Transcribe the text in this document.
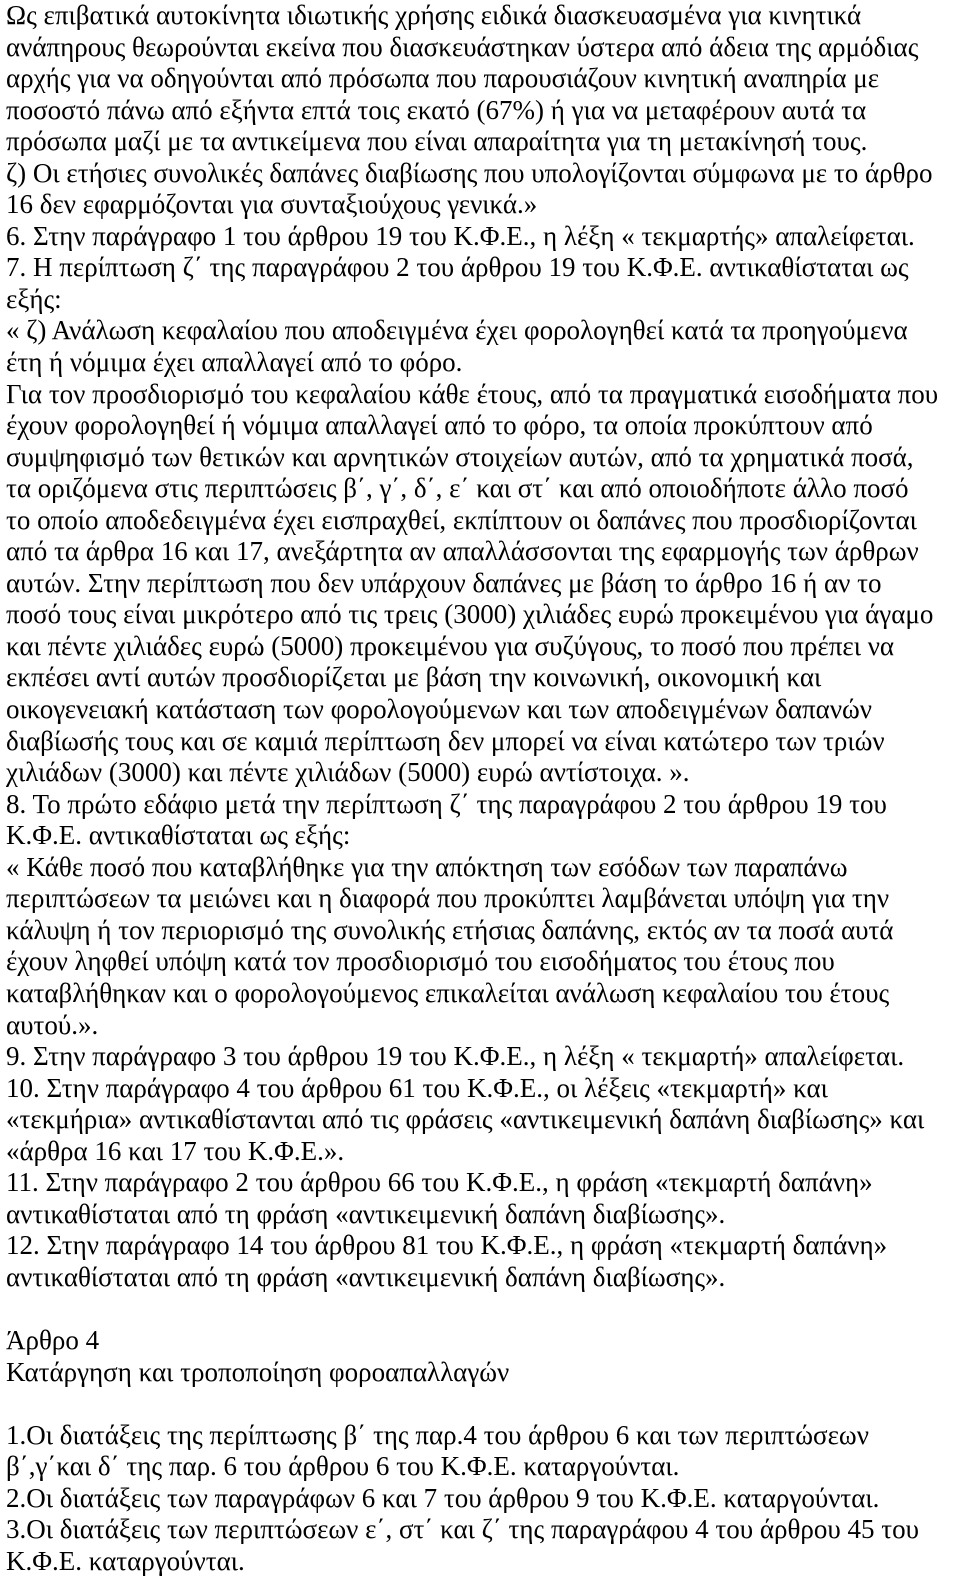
Ως επιβατικά αυτοκίνητα ιδιωτικής χρήσης ειδικά διασκευασμένα για κινητικά
ανάπηρους θεωρούνται εκείνα που διασκευάστηκαν ύστερα από άδεια της αρμόδιας
αρχής για να οδηγούνται από πρόσωπα που παρουσιάζουν κινητική αναπηρία με
ποσοστό πάνω από εξήντα επτά τοις εκατό (67%) ή για να μεταφέρουν αυτά τα
πρόσωπα μαζί με τα αντικείμενα που είναι απαραίτητα για τη μετακίνησή τους.
ζ) Οι ετήσιες συνολικές δαπάνες διαβίωσης που υπολογίζονται σύμφωνα με το άρθρο
16 δεν εφαρμόζονται για συνταξιούχους γενικά.»
6. Στην παράγραφο 1 του άρθρου 19 του Κ.Φ.Ε., η λέξη « τεκμαρτής» απαλείφεται.
7. Η περίπτωση ζ΄ της παραγράφου 2 του άρθρου 19 του Κ.Φ.Ε. αντικαθίσταται ως
εξής:
« ζ) Ανάλωση κεφαλαίου που αποδειγμένα έχει φορολογηθεί κατά τα προηγούμενα
έτη ή νόμιμα έχει απαλλαγεί από το φόρο.
Για τον προσδιορισμό του κεφαλαίου κάθε έτους, από τα πραγματικά εισοδήματα που
έχουν φορολογηθεί ή νόμιμα απαλλαγεί από το φόρο, τα οποία προκύπτουν από
συμψηφισμό των θετικών και αρνητικών στοιχείων αυτών, από τα χρηματικά ποσά,
τα οριζόμενα στις περιπτώσεις β΄, γ΄, δ΄, ε΄ και στ΄ και από οποιοδήποτε άλλο ποσό
το οποίο αποδεδειγμένα έχει εισπραχθεί, εκπίπτουν οι δαπάνες που προσδιορίζονται
από τα άρθρα 16 και 17, ανεξάρτητα αν απαλλάσσονται της εφαρμογής των άρθρων
αυτών. Στην περίπτωση που δεν υπάρχουν δαπάνες με βάση το άρθρο 16 ή αν το
ποσό τους είναι μικρότερο από τις τρεις (3000) χιλιάδες ευρώ προκειμένου για άγαμο
και πέντε χιλιάδες ευρώ (5000) προκειμένου για συζύγους, το ποσό που πρέπει να
εκπέσει αντί αυτών προσδιορίζεται με βάση την κοινωνική, οικονομική και
οικογενειακή κατάσταση των φορολογούμενων και των αποδειγμένων δαπανών
διαβίωσής τους και σε καμιά περίπτωση δεν μπορεί να είναι κατώτερο των τριών
χιλιάδων (3000) και πέντε χιλιάδων (5000) ευρώ αντίστοιχα. ».
8. Το πρώτο εδάφιο μετά την περίπτωση ζ΄ της παραγράφου 2 του άρθρου 19 του
Κ.Φ.Ε. αντικαθίσταται ως εξής:
« Κάθε ποσό που καταβλήθηκε για την απόκτηση των εσόδων των παραπάνω
περιπτώσεων τα μειώνει και η διαφορά που προκύπτει λαμβάνεται υπόψη για την
κάλυψη ή τον περιορισμό της συνολικής ετήσιας δαπάνης, εκτός αν τα ποσά αυτά
έχουν ληφθεί υπόψη κατά τον προσδιορισμό του εισοδήματος του έτους που
καταβλήθηκαν και ο φορολογούμενος επικαλείται ανάλωση κεφαλαίου του έτους
αυτού.».
9. Στην παράγραφο 3 του άρθρου 19 του Κ.Φ.Ε., η λέξη « τεκμαρτή» απαλείφεται.
10. Στην παράγραφο 4 του άρθρου 61 του Κ.Φ.Ε., οι λέξεις «τεκμαρτή» και
«τεκμήρια» αντικαθίστανται από τις φράσεις «αντικειμενική δαπάνη διαβίωσης» και
«άρθρα 16 και 17 του Κ.Φ.Ε.».
11. Στην παράγραφο 2 του άρθρου 66 του Κ.Φ.Ε., η φράση «τεκμαρτή δαπάνη»
αντικαθίσταται από τη φράση «αντικειμενική δαπάνη διαβίωσης».
12. Στην παράγραφο 14 του άρθρου 81 του Κ.Φ.Ε., η φράση «τεκμαρτή δαπάνη»
αντικαθίσταται από τη φράση «αντικειμενική δαπάνη διαβίωσης».
Άρθρο 4
Κατάργηση και τροποποίηση φοροαπαλλαγών
1.Οι διατάξεις της περίπτωσης β΄ της παρ.4 του άρθρου 6 και των περιπτώσεων
β΄,γ΄και δ΄ της παρ. 6 του άρθρου 6 του Κ.Φ.Ε. καταργούνται.
2.Οι διατάξεις των παραγράφων 6 και 7 του άρθρου 9 του Κ.Φ.Ε. καταργούνται.
3.Οι διατάξεις των περιπτώσεων ε΄, στ΄ και ζ΄ της παραγράφου 4 του άρθρου 45 του
Κ.Φ.Ε. καταργούνται.
